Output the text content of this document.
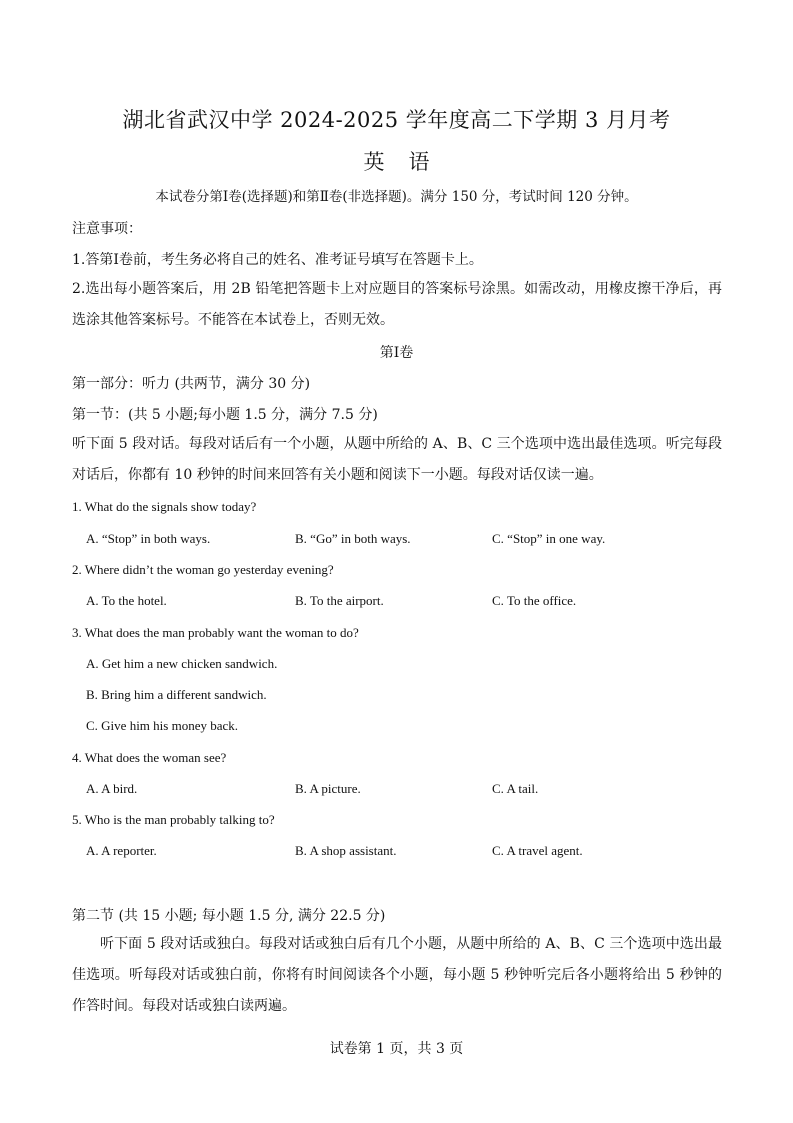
湖北省武汉中学 2024-2025 学年度高二下学期 3 月月考
英语
本试卷分第Ⅰ卷(选择题)和第Ⅱ卷(非选择题)。满分 150 分，考试时间 120 分钟。
注意事项：
1.答第Ⅰ卷前，考生务必将自己的姓名、准考证号填写在答题卡上。
2.选出每小题答案后，用 2B 铅笔把答题卡上对应题目的答案标号涂黑。如需改动，用橡皮擦干净后，再选涂其他答案标号。不能答在本试卷上，否则无效。
第Ⅰ卷
第一部分：听力 (共两节，满分 30 分)
第一节：(共 5 小题;每小题 1.5 分，满分 7.5 分)
听下面 5 段对话。每段对话后有一个小题，从题中所给的 A、B、C 三个选项中选出最佳选项。听完每段对话后，你都有 10 秒钟的时间来回答有关小题和阅读下一小题。每段对话仅读一遍。
1. What do the signals show today?
A. “Stop” in both ways.	B. “Go” in both ways.	C. “Stop” in one way.
2. Where didn’t the woman go yesterday evening?
A. To the hotel.	B. To the airport.	C. To the office.
3. What does the man probably want the woman to do?
A. Get him a new chicken sandwich.
B. Bring him a different sandwich.
C. Give him his money back.
4. What does the woman see?
A. A bird.	B. A picture.	C. A tail.
5. Who is the man probably talking to?
A. A reporter.	B. A shop assistant.	C. A travel agent.
第二节 (共 15 小题; 每小题 1.5 分, 满分 22.5 分)
听下面 5 段对话或独白。每段对话或独白后有几个小题，从题中所给的 A、B、C 三个选项中选出最佳选项。听每段对话或独白前，你将有时间阅读各个小题，每小题 5 秒钟听完后各小题将给出 5 秒钟的作答时间。每段对话或独白读两遍。
试卷第 1 页，共 3 页
